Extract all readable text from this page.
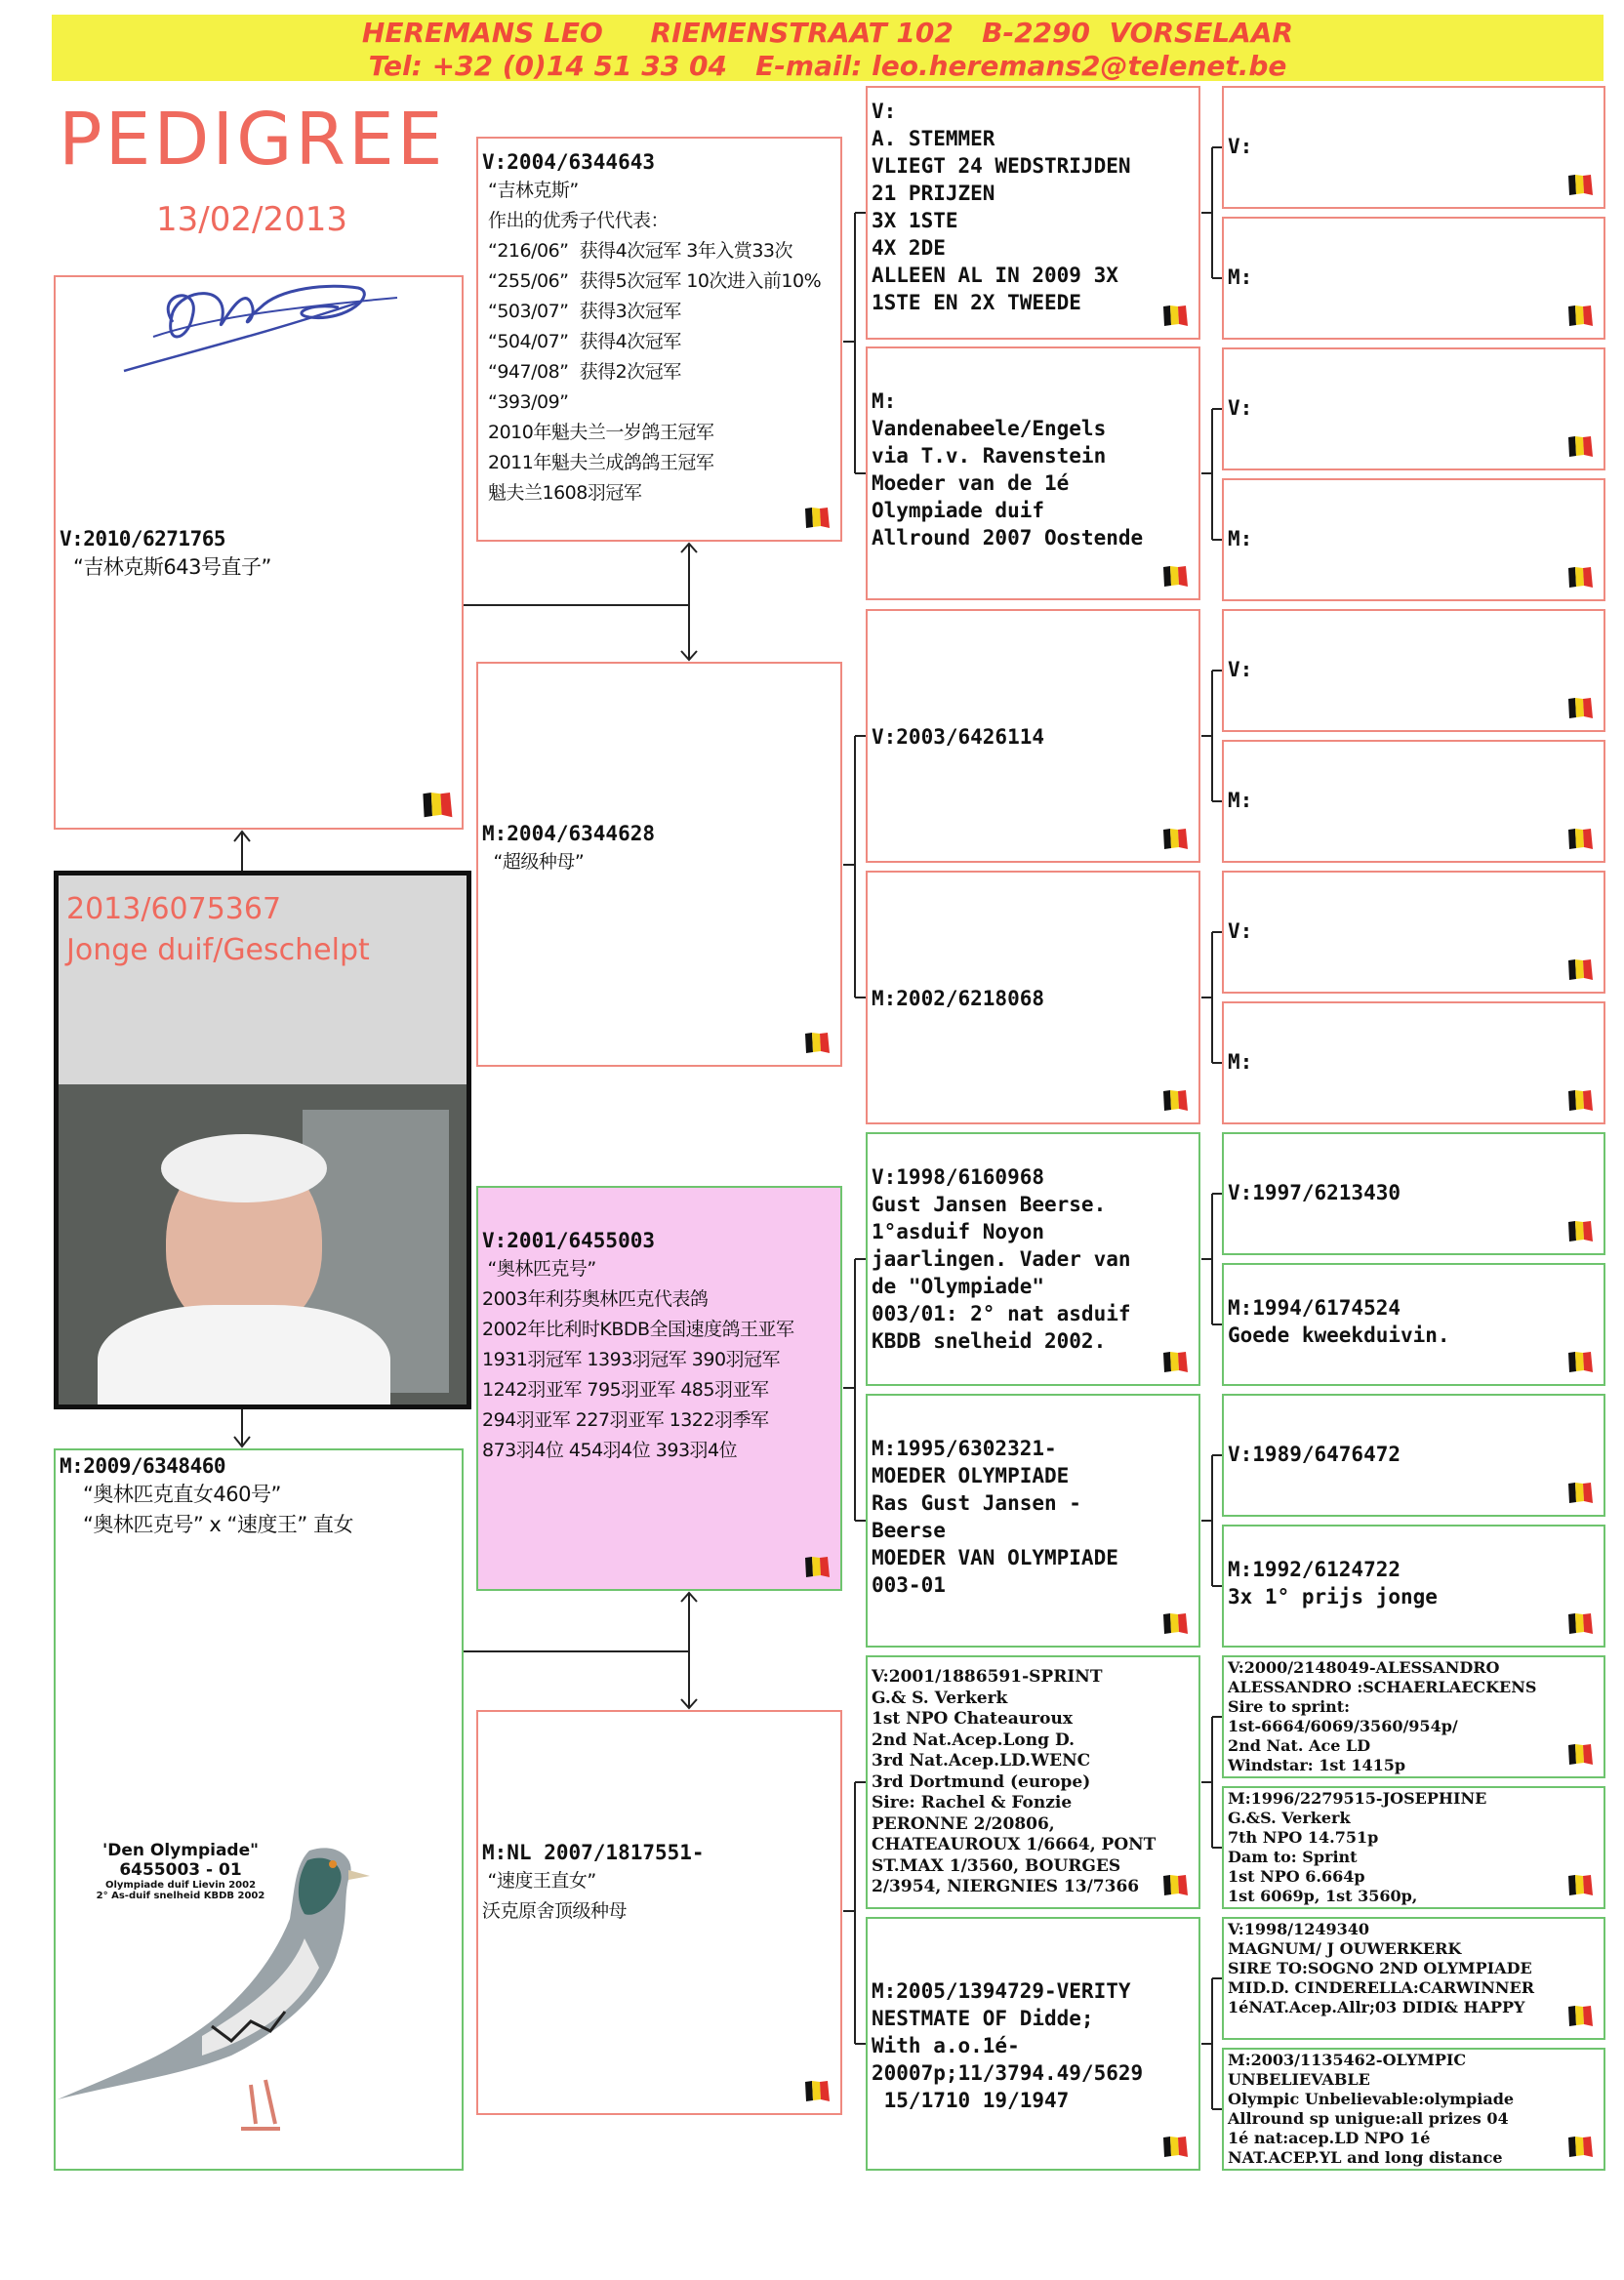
HEREMANS LEO     RIEMENSTRAAT 102   B-2290  VORSELAAR
Tel: +32 (0)14 51 33 04   E-mail: leo.heremans2@telenet.be
PEDIGREE
13/02/2013
V:2010/6271765
“吉林克斯643号直子”
2013/6075367
Jonge duif/Geschelpt
M:2009/6348460
“奥林匹克直女460号”
“奥林匹克号” x “速度王” 直女
'Den Olympiade"
6455003 - 01
Olympiade duif Lievin 2002
2° As-duif snelheid KBDB 2002
V:2004/6344643
“吉林克斯”
作出的优秀子代代表：
“216/06”  获得4次冠军 3年入赏33次
“255/06”  获得5次冠军 10次进入前10%
“503/07”  获得3次冠军
“504/07”  获得4次冠军
“947/08”  获得2次冠军
“393/09”
2010年魁夫兰一岁鸽王冠军
2011年魁夫兰成鸽鸽王冠军
魁夫兰1608羽冠军
M:2004/6344628
“超级种母”
V:2001/6455003
“奥林匹克号”
2003年利芬奥林匹克代表鸽
2002年比利时KBDB全国速度鸽王亚军
1931羽冠军 1393羽冠军 390羽冠军
1242羽亚军 795羽亚军 485羽亚军
294羽亚军 227羽亚军 1322羽季军
873羽4位 454羽4位 393羽4位
M:NL 2007/1817551-
“速度王直女”
沃克原舍顶级种母
V:
A. STEMMER
VLIEGT 24 WEDSTRIJDEN
21 PRIJZEN
3X 1STE
4X 2DE
ALLEEN AL IN 2009 3X
1STE EN 2X TWEEDE
M:
Vandenabeele/Engels
via T.v. Ravenstein
Moeder van de 1é
Olympiade duif
Allround 2007 Oostende
V:2003/6426114
M:2002/6218068
V:1998/6160968
Gust Jansen Beerse.
1°asduif Noyon
jaarlingen. Vader van
de "Olympiade"
003/01: 2° nat asduif
KBDB snelheid 2002.
M:1995/6302321-
MOEDER OLYMPIADE
Ras Gust Jansen -
Beerse
MOEDER VAN OLYMPIADE
003-01
V:2001/1886591-SPRINT
G.& S. Verkerk
1st NPO Chateauroux
2nd Nat.Acep.Long D.
3rd Nat.Acep.LD.WENC
3rd Dortmund (europe)
Sire: Rachel & Fonzie
PERONNE 2/20806,
CHATEAUROUX 1/6664, PONT
ST.MAX 1/3560, BOURGES
2/3954, NIERGNIES 13/7366
M:2005/1394729-VERITY
NESTMATE OF Didde;
With a.o.1é-
20007p;11/3794.49/5629
15/1710 19/1947
V:
M:
V:
M:
V:
M:
V:
M:
V:1997/6213430
M:1994/6174524
Goede kweekduivin.
V:1989/6476472
M:1992/6124722
3x 1° prijs jonge
V:2000/2148049-ALESSANDRO
ALESSANDRO :SCHAERLAECKENS
Sire to sprint:
1st-6664/6069/3560/954p/
2nd Nat. Ace LD
Windstar: 1st 1415p
M:1996/2279515-JOSEPHINE
G.&S. Verkerk
7th NPO 14.751p
Dam to: Sprint
1st NPO 6.664p
1st 6069p, 1st 3560p,
V:1998/1249340
MAGNUM/ J OUWERKERK
SIRE TO:SOGNO 2ND OLYMPIADE
MID.D. CINDERELLA:CARWINNER
1éNAT.Acep.Allr;03 DIDI& HAPPY
M:2003/1135462-OLYMPIC
UNBELIEVABLE
Olympic Unbelievable:olympiade
Allround sp unigue:all prizes 04
1é nat:acep.LD NPO 1é
NAT.ACEP.YL and long distance
